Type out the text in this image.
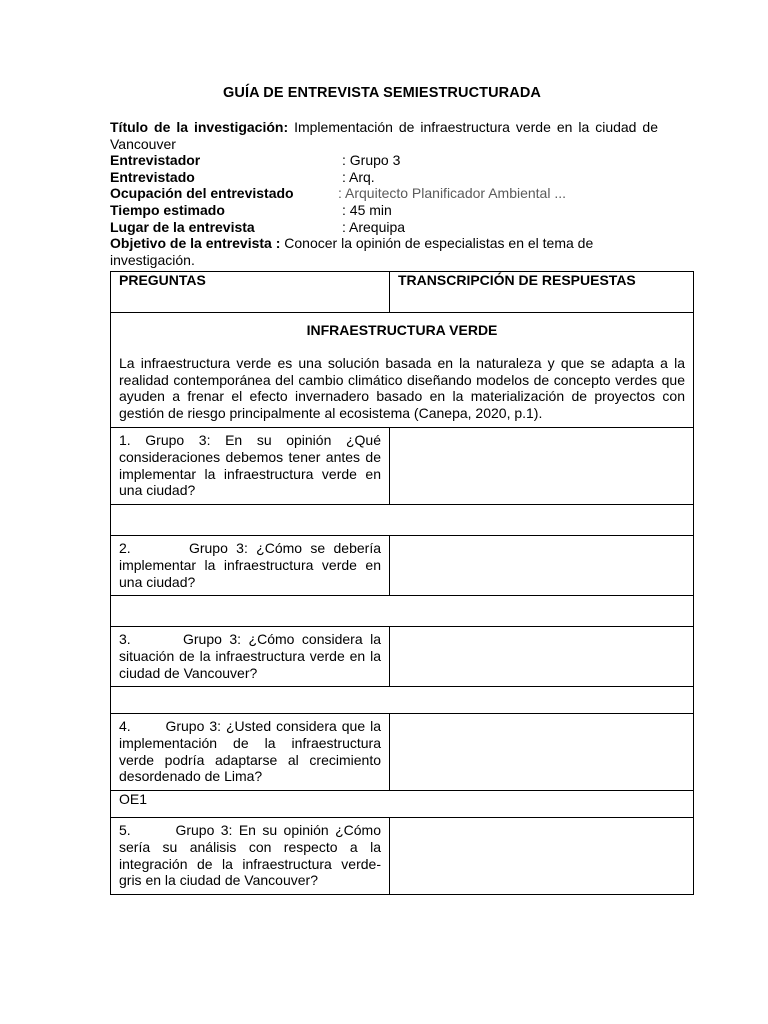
GUÍA DE ENTREVISTA SEMIESTRUCTURADA
Título de la investigación: Implementación de infraestructura verde en la ciudad de Vancouver
Entrevistador	: Grupo 3
Entrevistado	: Arq.
Ocupación del entrevistado	: Arquitecto Planificador Ambiental ...
Tiempo estimado	: 45 min
Lugar de la entrevista	: Arequipa
Objetivo de la entrevista : Conocer la opinión de especialistas en el tema de investigación.
PREGUNTAS	TRANSCRIPCIÓN DE RESPUESTAS

INFRAESTRUCTURA VERDE
La infraestructura verde es una solución basada en la naturaleza y que se adapta a la realidad contemporánea del cambio climático diseñando modelos de concepto verdes que ayuden a frenar el efecto invernadero basado en la materialización de proyectos con gestión de riesgo principalmente al ecosistema (Canepa, 2020, p.1).	

1. Grupo 3: En su opinión ¿Qué consideraciones debemos tener antes de implementar la infraestructura verde en una ciudad?	

2.       Grupo 3: ¿Cómo se debería implementar la infraestructura verde en una ciudad?	

3.       Grupo 3: ¿Cómo considera la situación de la infraestructura verde en la ciudad de Vancouver?	

4.       Grupo 3: ¿Usted considera que la implementación de la infraestructura verde podría adaptarse al crecimiento desordenado de Lima?	

OE1	

5.       Grupo 3: En su opinión ¿Cómo sería su análisis con respecto a la integración de la infraestructura verde-gris en la ciudad de Vancouver?	
